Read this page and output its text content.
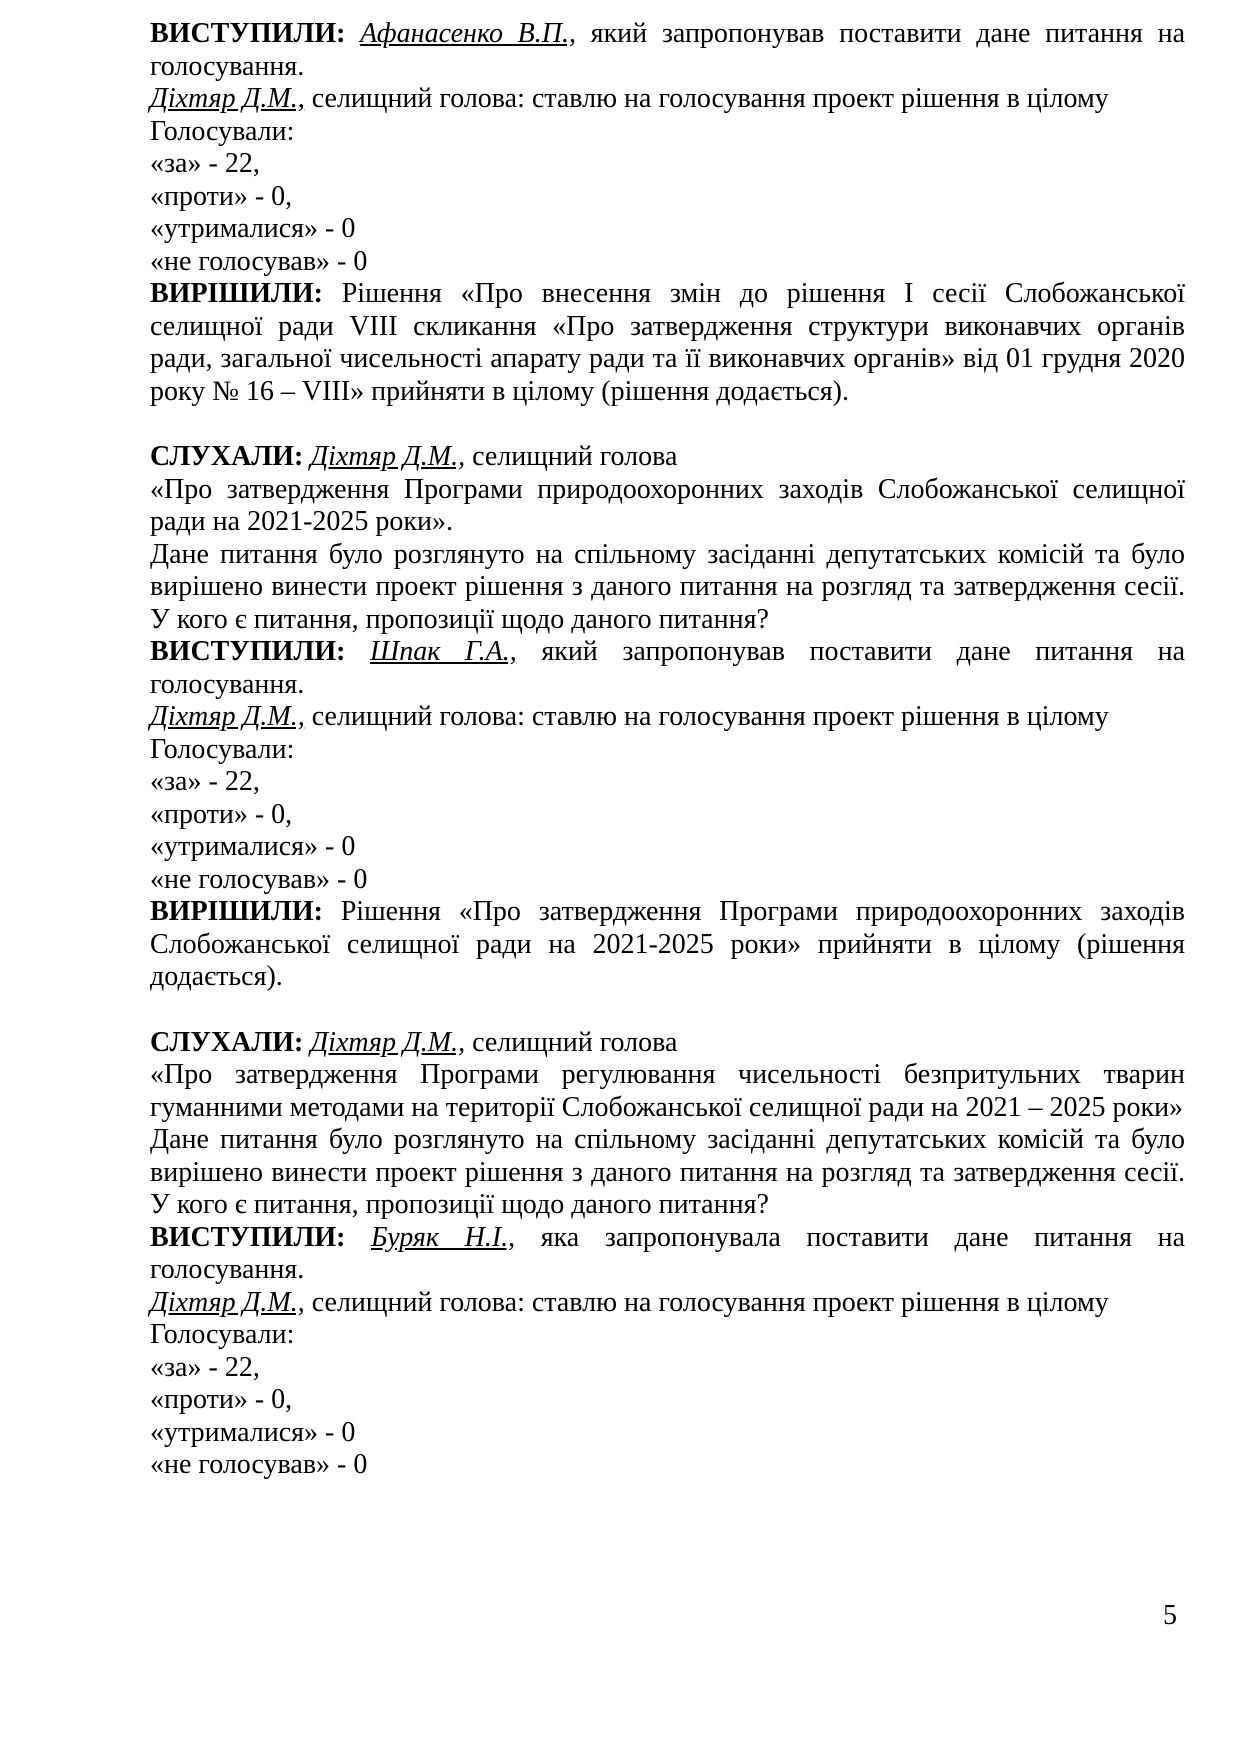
ВИСТУПИЛИ: Афанасенко В.П., який запропонував поставити дане питання на голосування.

Діхтяр Д.М., селищний голова: ставлю на голосування проект рішення в цілому

Голосували:

«за» - 22,

«проти» - 0,

«утрималися» - 0

«не голосував» - 0

ВИРІШИЛИ: Рішення «Про внесення змін до рішення I сесії Слобожанської селищної ради VIII скликання «Про затвердження структури виконавчих органів ради, загальної чисельності апарату ради та її виконавчих органів» від 01 грудня 2020 року № 16 – VIII» прийняти в цілому (рішення додається).

СЛУХАЛИ: Діхтяр Д.М., селищний голова

«Про затвердження Програми природоохоронних заходів Слобожанської селищної ради на 2021-2025 роки».

Дане питання було розглянуто на спільному засіданні депутатських комісій та було вирішено винести проект рішення з даного питання на розгляд та затвердження сесії. У кого є питання, пропозиції щодо даного питання?

ВИСТУПИЛИ: Шпак Г.А., який запропонував поставити дане питання на голосування.

Діхтяр Д.М., селищний голова: ставлю на голосування проект рішення в цілому

Голосували:

«за» - 22,

«проти» - 0,

«утрималися» - 0

«не голосував» - 0

ВИРІШИЛИ: Рішення «Про затвердження Програми природоохоронних заходів Слобожанської селищної ради на 2021-2025 роки» прийняти в цілому (рішення додається).

СЛУХАЛИ: Діхтяр Д.М., селищний голова

«Про затвердження Програми регулювання чисельності безпритульних тварин гуманними методами на території Слобожанської селищної ради на 2021 – 2025 роки»

Дане питання було розглянуто на спільному засіданні депутатських комісій та було вирішено винести проект рішення з даного питання на розгляд та затвердження сесії. У кого є питання, пропозиції щодо даного питання?

ВИСТУПИЛИ: Буряк Н.І., яка запропонувала поставити дане питання на голосування.

Діхтяр Д.М., селищний голова: ставлю на голосування проект рішення в цілому

Голосували:

«за» - 22,

«проти» - 0,

«утрималися» - 0

«не голосував» - 0

5
